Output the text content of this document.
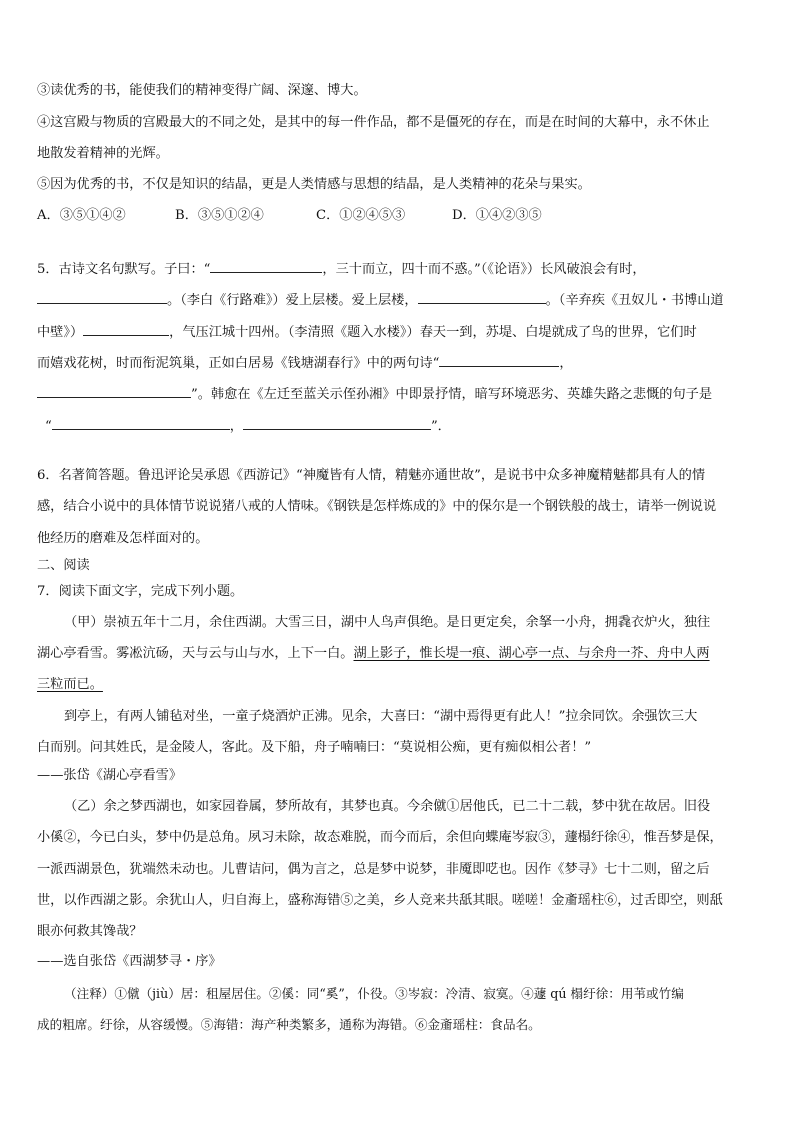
③读优秀的书，能使我们的精神变得广阔、深邃、博大。
④这宫殿与物质的宫殿最大的不同之处，是其中的每一件作品，都不是僵死的存在，而是在时间的大幕中，永不休止
地散发着精神的光辉。
⑤因为优秀的书，不仅是知识的结晶，更是人类情感与思想的结晶，是人类精神的花朵与果实。
A．③⑤①④②	B．③⑤①②④	C．①②④⑤③	D．①④②③⑤
5．古诗文名句默写。子曰：“	，三十而立，四十而不惑。”（《论语》）长风破浪会有时，
。（李白《行路难》）爱上层楼。爱上层楼，	。（辛弃疾《丑奴儿・书博山道
中壁》）	，气压江城十四州。（李清照《题入水楼》）春天一到，苏堤、白堤就成了鸟的世界，它们时
而嬉戏花树，时而衔泥筑巢，正如白居易《钱塘湖春行》中的两句诗“	，
”。韩愈在《左迁至蓝关示侄孙湘》中即景抒情，暗写环境恶劣、英雄失路之悲慨的句子是
“	，	”．
6．名著简答题。鲁迅评论吴承恩《西游记》“神魔皆有人情，精魅亦通世故”，是说书中众多神魔精魅都具有人的情
感，结合小说中的具体情节说说猪八戒的人情味。《钢铁是怎样炼成的》中的保尔是一个钢铁般的战士，请举一例说说
他经历的磨难及怎样面对的。
二、阅读
7．阅读下面文字，完成下列小题。
（甲）崇祯五年十二月，余住西湖。大雪三日，湖中人鸟声俱绝。是日更定矣，余拏一小舟，拥毳衣炉火，独往
湖心亭看雪。雾凇沆砀，天与云与山与水，上下一白。湖上影子，惟长堤一痕、湖心亭一点、与余舟一芥、舟中人两
三粒而已。
到亭上，有两人铺毡对坐，一童子烧酒炉正沸。见余，大喜曰：“湖中焉得更有此人！”拉余同饮。余强饮三大
白而别。问其姓氏，是金陵人，客此。及下船，舟子喃喃曰：“莫说相公痴，更有痴似相公者！”
——张岱《湖心亭看雪》
（乙）余之梦西湖也，如家园眷属，梦所故有，其梦也真。今余僦①居他氏，已二十二载，梦中犹在故居。旧役
小傒②，今已白头，梦中仍是总角。夙习未除，故态难脱，而今而后，余但向蝶庵岑寂③，蘧榻纡徐④，惟吾梦是保，
一派西湖景色，犹端然未动也。儿曹诘问，偶为言之，总是梦中说梦，非魇即呓也。因作《梦寻》七十二则，留之后
世，以作西湖之影。余犹山人，归自海上，盛称海错⑤之美，乡人竞来共舐其眼。嗟嗟！金齑瑶柱⑥，过舌即空，则舐
眼亦何救其馋哉？
——选自张岱《西湖梦寻・序》
（注释）①僦（jiù）居：租屋居住。②傒：同“奚”，仆役。③岑寂：冷清、寂寞。④蘧 qú 榻纡徐：用苇或竹编
成的粗席。纡徐，从容缓慢。⑤海错：海产种类繁多，通称为海错。⑥金齑瑶柱：食品名。
